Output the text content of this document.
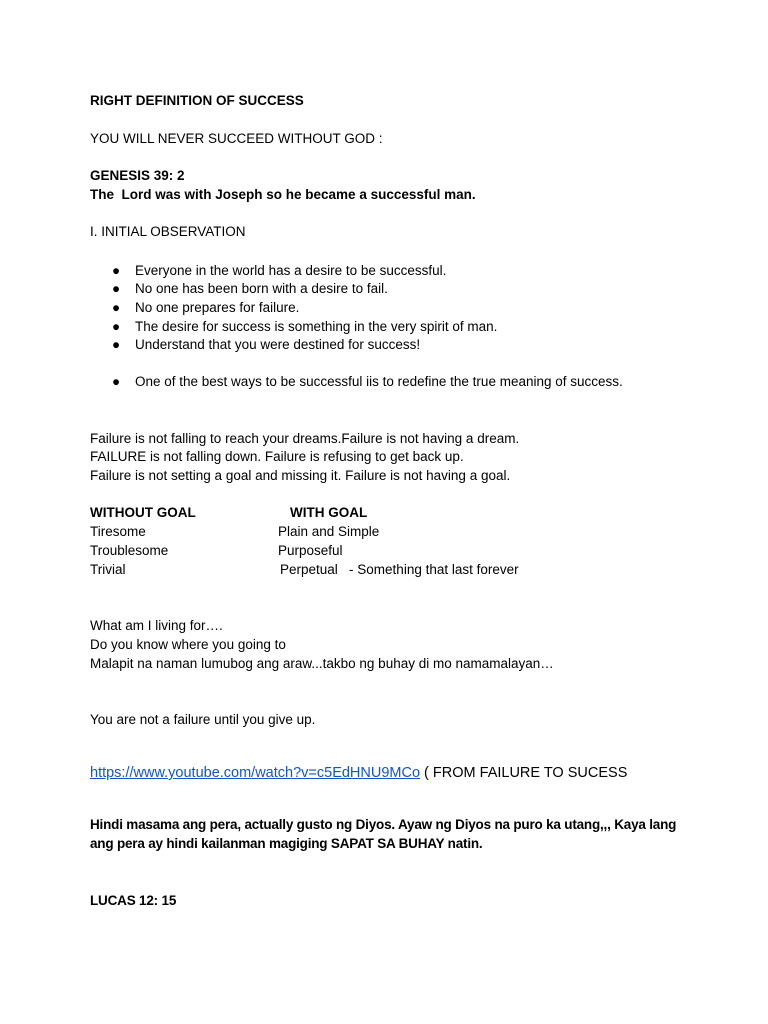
RIGHT DEFINITION OF SUCCESS
YOU WILL NEVER SUCCEED WITHOUT GOD :
GENESIS 39: 2
The  Lord was with Joseph so he became a successful man.
I. INITIAL OBSERVATION
● Everyone in the world has a desire to be successful.
● No one has been born with a desire to fail.
● No one prepares for failure.
● The desire for success is something in the very spirit of man.
● Understand that you were destined for success!
● One of the best ways to be successful iis to redefine the true meaning of success.
Failure is not falling to reach your dreams.Failure is not having a dream.
FAILURE is not falling down. Failure is refusing to get back up.
Failure is not setting a goal and missing it. Failure is not having a goal.
WITHOUT GOAL	WITH GOAL
Tiresome	Plain and Simple
Troublesome	Purposeful
Trivial	Perpetual   - Something that last forever
What am I living for….
Do you know where you going to
Malapit na naman lumubog ang araw...takbo ng buhay di mo namamalayan…
You are not a failure until you give up.
https://www.youtube.com/watch?v=c5EdHNU9MCo ( FROM FAILURE TO SUCESS
Hindi masama ang pera, actually gusto ng Diyos. Ayaw ng Diyos na puro ka utang,,, Kaya lang
ang pera ay hindi kailanman magiging SAPAT SA BUHAY natin.
LUCAS 12: 15
